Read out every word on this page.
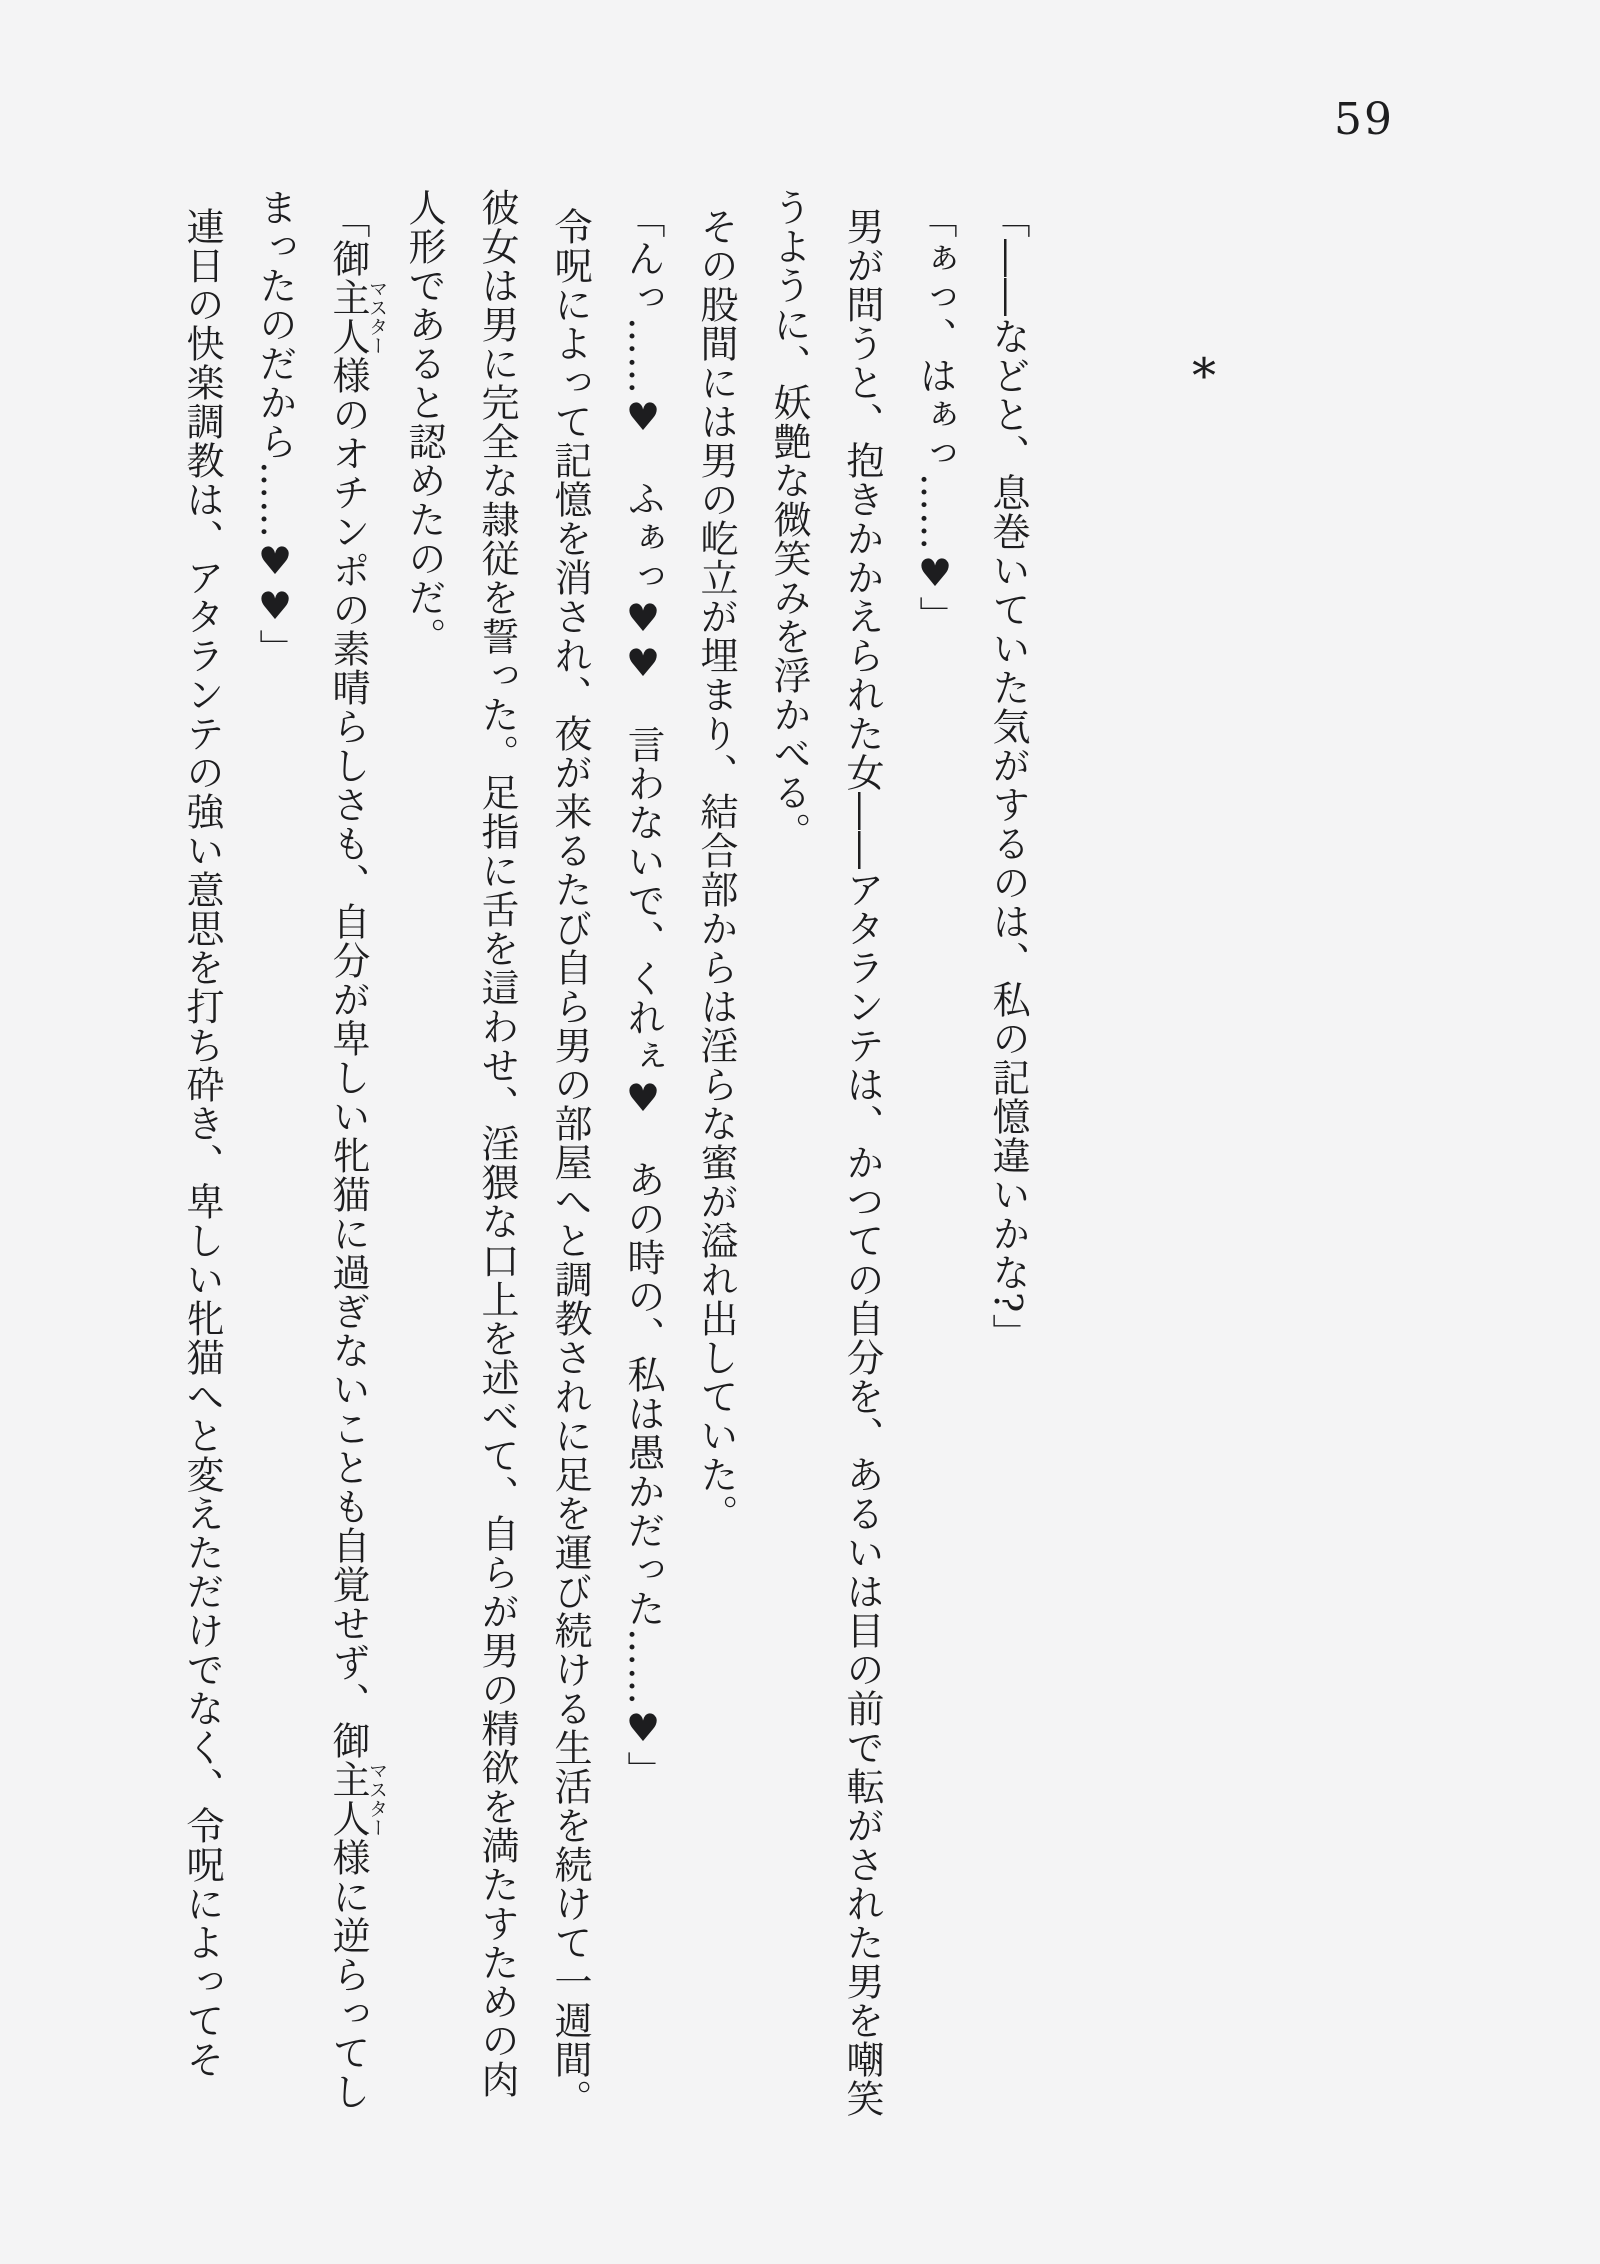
59
*

「――などと、息巻いていた気がするのは、私の記憶違いかな?」

「ぁっ、はぁっ……♥」

男が問うと、抱きかかえられた女――アタランテは、かつての自分を、あるいは目の前で転がされた男を嘲笑うように、妖艶な微笑みを浮かべる。

その股間には男の屹立が埋まり、結合部からは淫らな蜜が溢れ出していた。

「んっ……♥　ふぁっ♥♥　言わないで、くれぇ♥　あの時の、私は愚かだった……♥」

令呪によって記憶を消され、夜が来るたび自ら男の部屋へと調教されに足を運び続ける生活を続けて一週間。彼女は男に完全な隷従を誓った。足指に舌を這わせ、淫猥な口上を述べて、自らが男の精欲を満たすための肉人形であると認めたのだ。

「御主人様マスターのオチンポの素晴らしさも、自分が卑しい牝猫に過ぎないことも自覚せず、御主人様マスターに逆らってしまったのだから……♥♥」

連日の快楽調教は、アタランテの強い意思を打ち砕き、卑しい牝猫へと変えただけでなく、令呪によってそ
